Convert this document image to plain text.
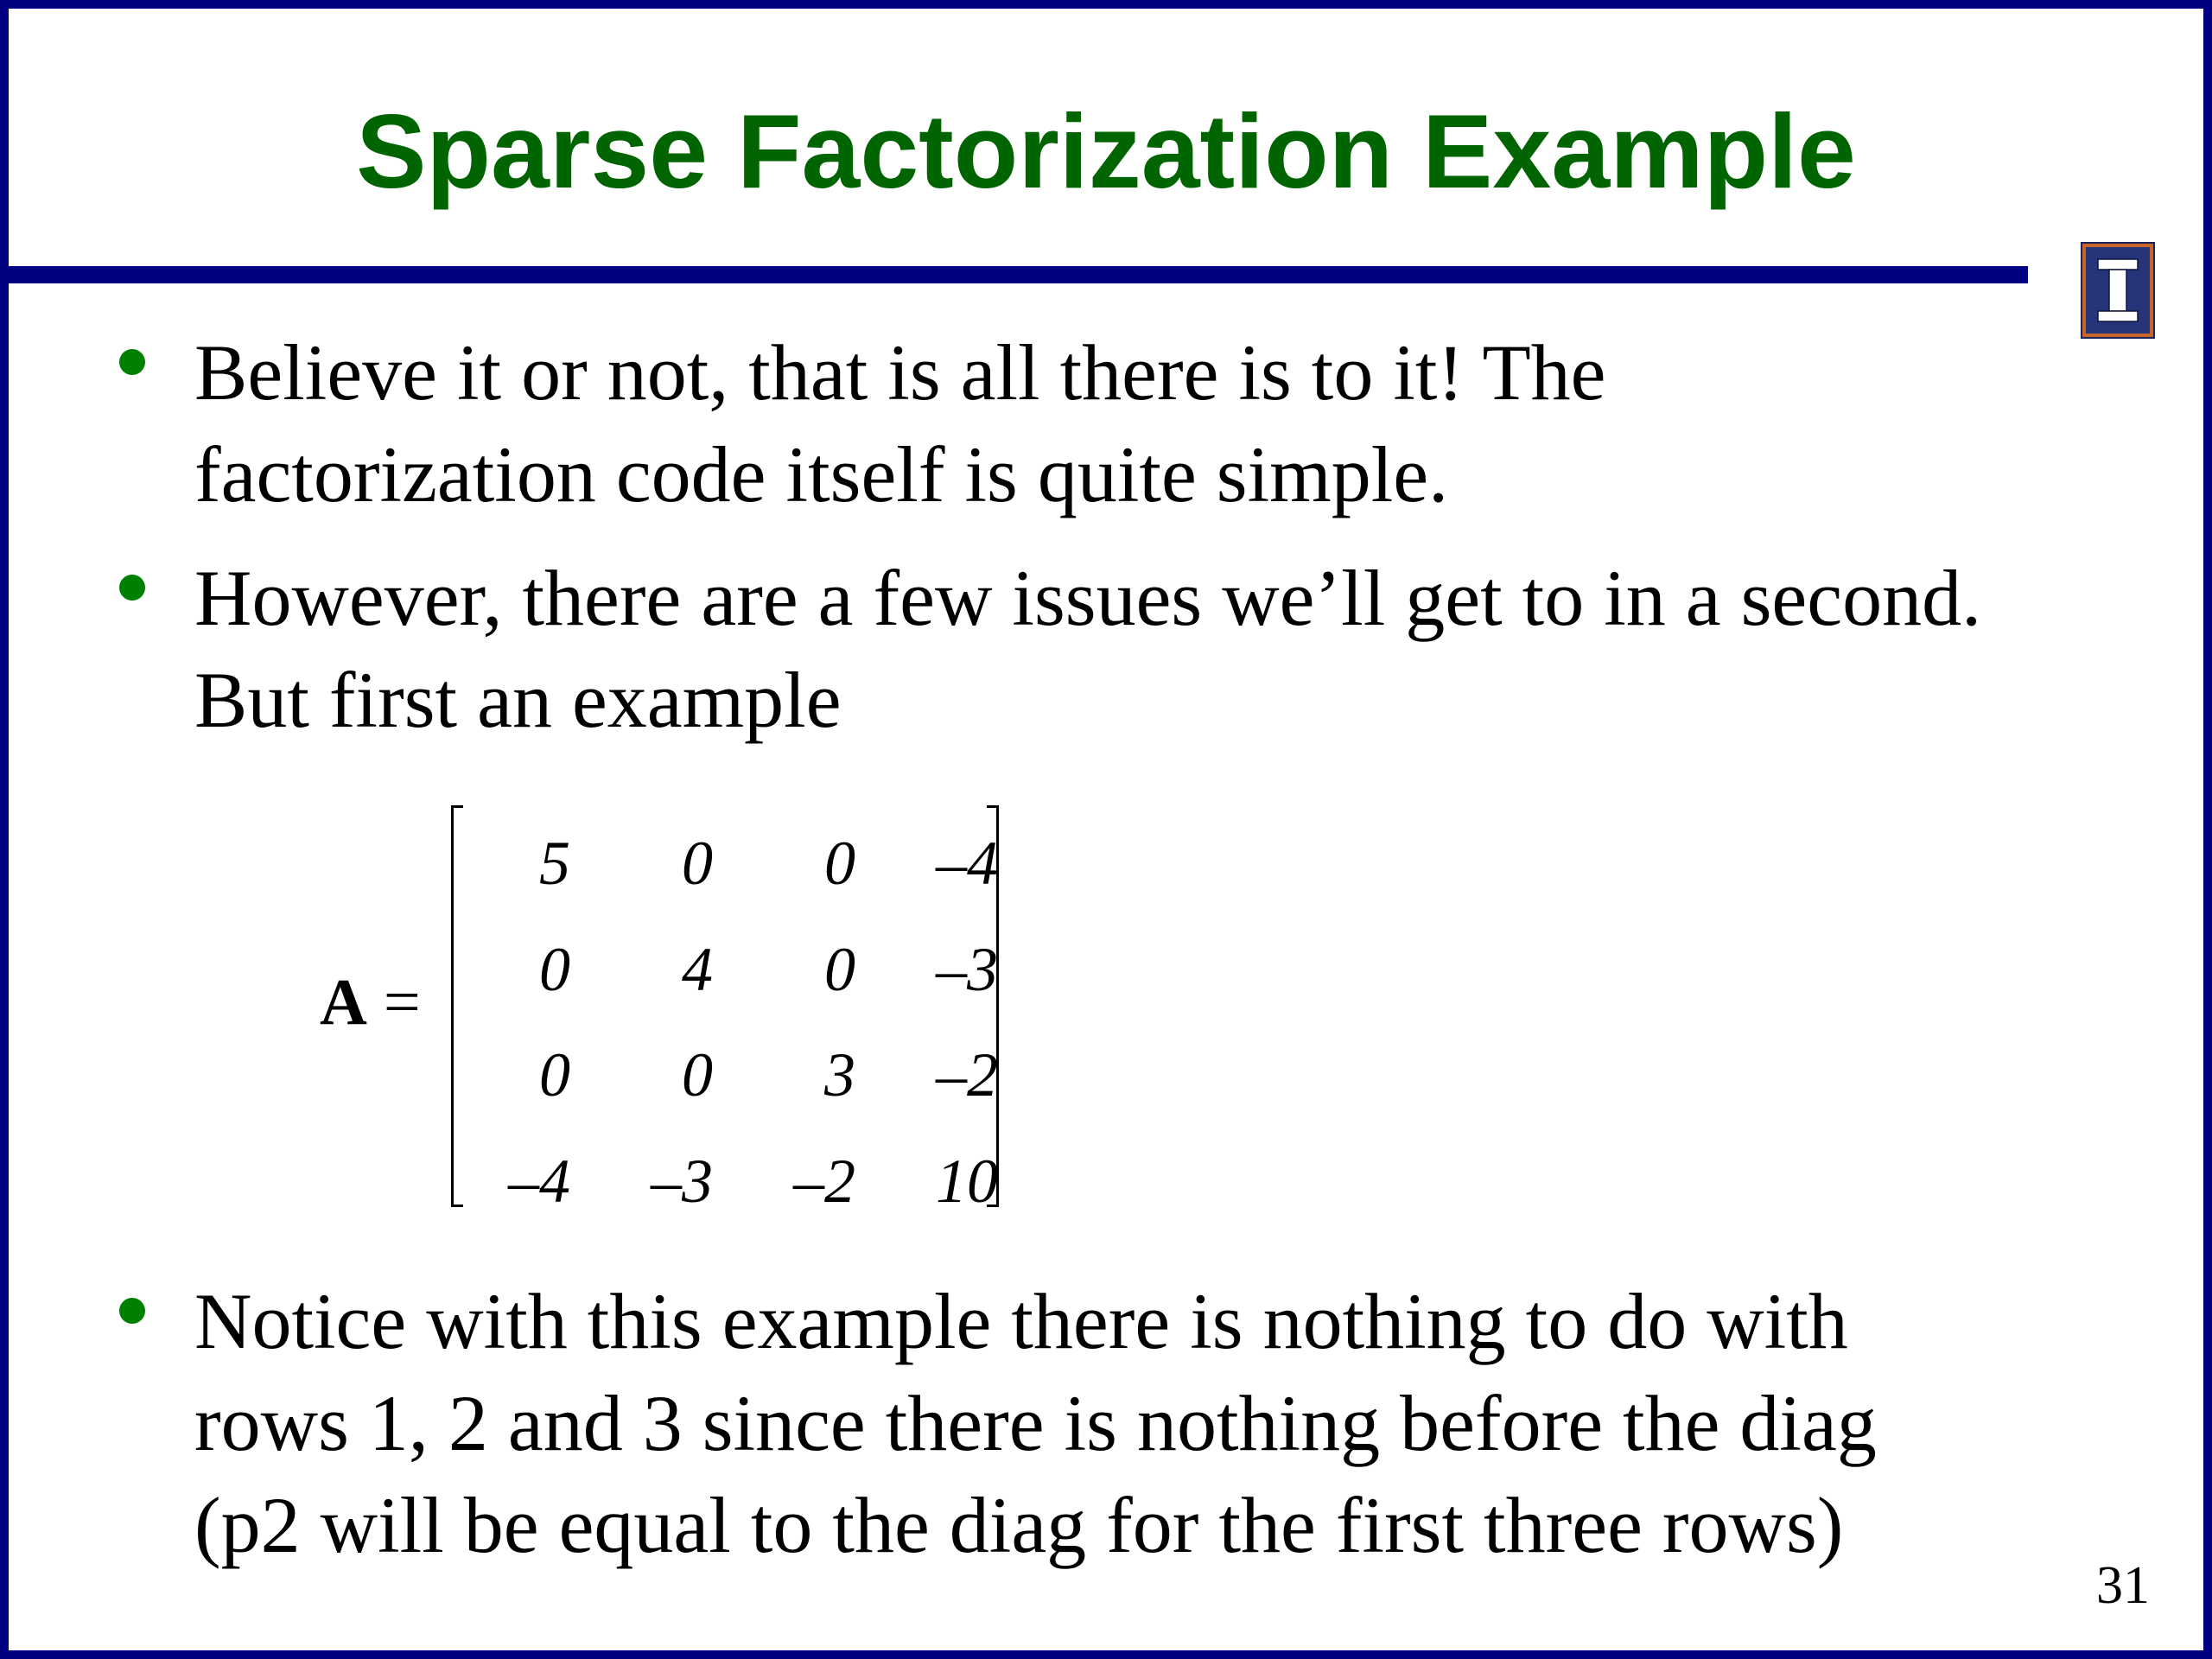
Sparse Factorization Example

Believe it or not, that is all there is to it! The
factorization code itself is quite simple.

However, there are a few issues we’ll get to in a second.
But first an example

Notice with this example there is nothing to do with
rows 1, 2 and 3 since there is nothing before the diag
(p2 will be equal to the diag for the first three rows)

A =
5	0	0	–4
0	4	0	–3
0	0	3	–2
–4	–3	–2	10
31
